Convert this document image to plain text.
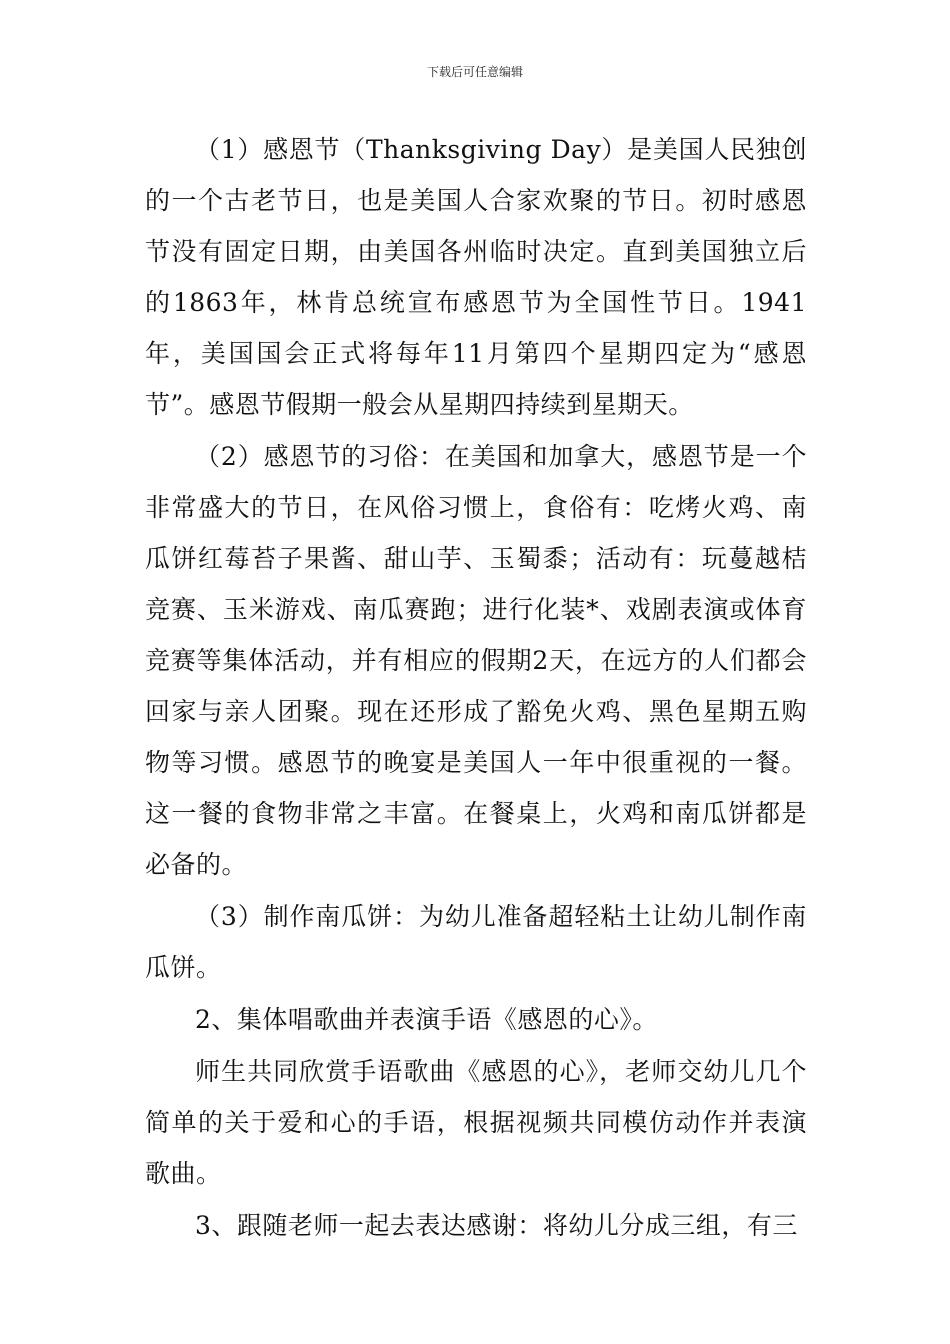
下载后可任意编辑

（1）感恩节（Thanksgiving Day）是美国人民独创的一个古老节日，也是美国人合家欢聚的节日。初时感恩节没有固定日期，由美国各州临时决定。直到美国独立后的1863年，林肯总统宣布感恩节为全国性节日。1941年，美国国会正式将每年11月第四个星期四定为“感恩节”。感恩节假期一般会从星期四持续到星期天。

（2）感恩节的习俗：在美国和加拿大，感恩节是一个非常盛大的节日，在风俗习惯上，食俗有：吃烤火鸡、南瓜饼红莓苔子果酱、甜山芋、玉蜀黍；活动有：玩蔓越桔竞赛、玉米游戏、南瓜赛跑；进行化装*、戏剧表演或体育竞赛等集体活动，并有相应的假期2天，在远方的人们都会回家与亲人团聚。现在还形成了豁免火鸡、黑色星期五购物等习惯。感恩节的晚宴是美国人一年中很重视的一餐。这一餐的食物非常之丰富。在餐桌上，火鸡和南瓜饼都是必备的。

（3）制作南瓜饼：为幼儿准备超轻粘土让幼儿制作南瓜饼。

2、集体唱歌曲并表演手语《感恩的心》。

师生共同欣赏手语歌曲《感恩的心》，老师交幼儿几个简单的关于爱和心的手语，根据视频共同模仿动作并表演歌曲。

3、跟随老师一起去表达感谢：将幼儿分成三组，有三
